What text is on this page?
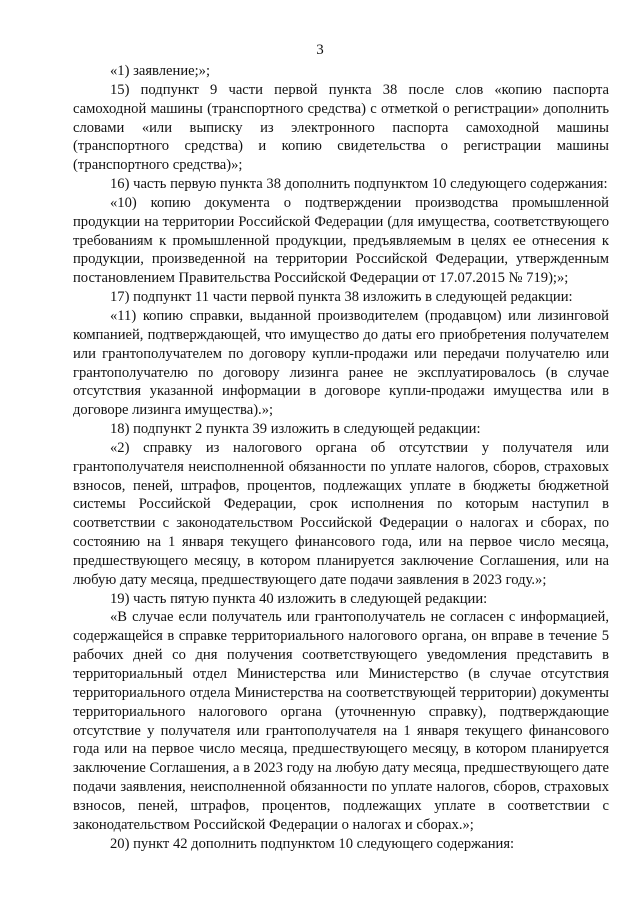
3

«1) заявление;»;

15) подпункт 9 части первой пункта 38 после слов «копию паспорта самоходной машины (транспортного средства) с отметкой о регистрации» дополнить словами «или выписку из электронного паспорта самоходной машины (транспортного средства) и копию свидетельства о регистрации машины (транспортного средства)»;

16) часть первую пункта 38 дополнить подпунктом 10 следующего содержания:

«10) копию документа о подтверждении производства промышленной продукции на территории Российской Федерации (для имущества, соответствующего требованиям к промышленной продукции, предъявляемым в целях ее отнесения к продукции, произведенной на территории Российской Федерации, утвержденным постановлением Правительства Российской Федерации от 17.07.2015 № 719);»;

17) подпункт 11 части первой пункта 38 изложить в следующей редакции:

«11) копию справки, выданной производителем (продавцом) или лизинговой компанией, подтверждающей, что имущество до даты его приобретения получателем или грантополучателем по договору купли-продажи или передачи получателю или грантополучателю по договору лизинга ранее не эксплуатировалось (в случае отсутствия указанной информации в договоре купли-продажи имущества или в договоре лизинга имущества).»;

18) подпункт 2 пункта 39 изложить в следующей редакции:

«2) справку из налогового органа об отсутствии у получателя или грантополучателя неисполненной обязанности по уплате налогов, сборов, страховых взносов, пеней, штрафов, процентов, подлежащих уплате в бюджеты бюджетной системы Российской Федерации, срок исполнения по которым наступил в соответствии с законодательством Российской Федерации о налогах и сборах, по состоянию на 1 января текущего финансового года, или на первое число месяца, предшествующего месяцу, в котором планируется заключение Соглашения, или на любую дату месяца, предшествующего дате подачи заявления в 2023 году.»;

19) часть пятую пункта 40 изложить в следующей редакции:

«В случае если получатель или грантополучатель не согласен с информацией, содержащейся в справке территориального налогового органа, он вправе в течение 5 рабочих дней со дня получения соответствующего уведомления представить в территориальный отдел Министерства или Министерство (в случае отсутствия территориального отдела Министерства на соответствующей территории) документы территориального налогового органа (уточненную справку), подтверждающие отсутствие у получателя или грантополучателя на 1 января текущего финансового года или на первое число месяца, предшествующего месяцу, в котором планируется заключение Соглашения, а в 2023 году на любую дату месяца, предшествующего дате подачи заявления, неисполненной обязанности по уплате налогов, сборов, страховых взносов, пеней, штрафов, процентов, подлежащих уплате в соответствии с законодательством Российской Федерации о налогах и сборах.»;

20) пункт 42 дополнить подпунктом 10 следующего содержания:
